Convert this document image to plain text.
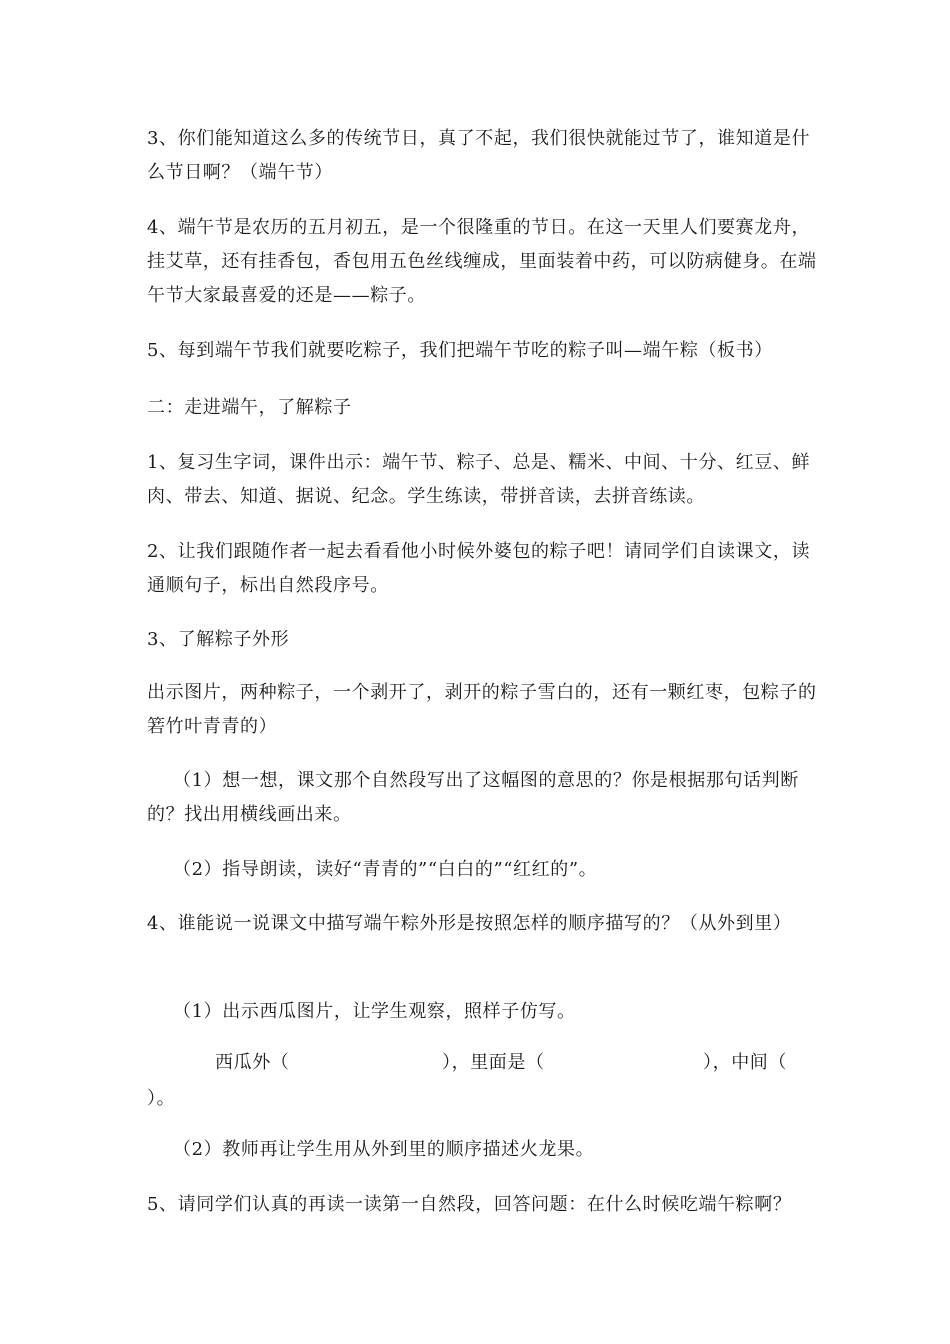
3、你们能知道这么多的传统节日，真了不起，我们很快就能过节了，谁知道是什么节日啊？（端午节）

4、端午节是农历的五月初五，是一个很隆重的节日。在这一天里人们要赛龙舟，挂艾草，还有挂香包，香包用五色丝线缠成，里面装着中药，可以防病健身。在端午节大家最喜爱的还是——粽子。

5、每到端午节我们就要吃粽子，我们把端午节吃的粽子叫—端午粽（板书）

二：走进端午，了解粽子

1、复习生字词，课件出示：端午节、粽子、总是、糯米、中间、十分、红豆、鲜肉、带去、知道、据说、纪念。学生练读，带拼音读，去拼音练读。

2、让我们跟随作者一起去看看他小时候外婆包的粽子吧！请同学们自读课文，读通顺句子，标出自然段序号。

3、了解粽子外形

出示图片，两种粽子，一个剥开了，剥开的粽子雪白的，还有一颗红枣，包粽子的箬竹叶青青的）

（1）想一想，课文那个自然段写出了这幅图的意思的？你是根据那句话判断的？找出用横线画出来。

（2）指导朗读，读好“青青的”“白白的”“红红的”。

4、谁能说一说课文中描写端午粽外形是按照怎样的顺序描写的？（从外到里）

（1）出示西瓜图片，让学生观察，照样子仿写。

西瓜外（	），里面是（	），中间（
）。

（2）教师再让学生用从外到里的顺序描述火龙果。

5、请同学们认真的再读一读第一自然段，回答问题：在什么时候吃端午粽啊？
